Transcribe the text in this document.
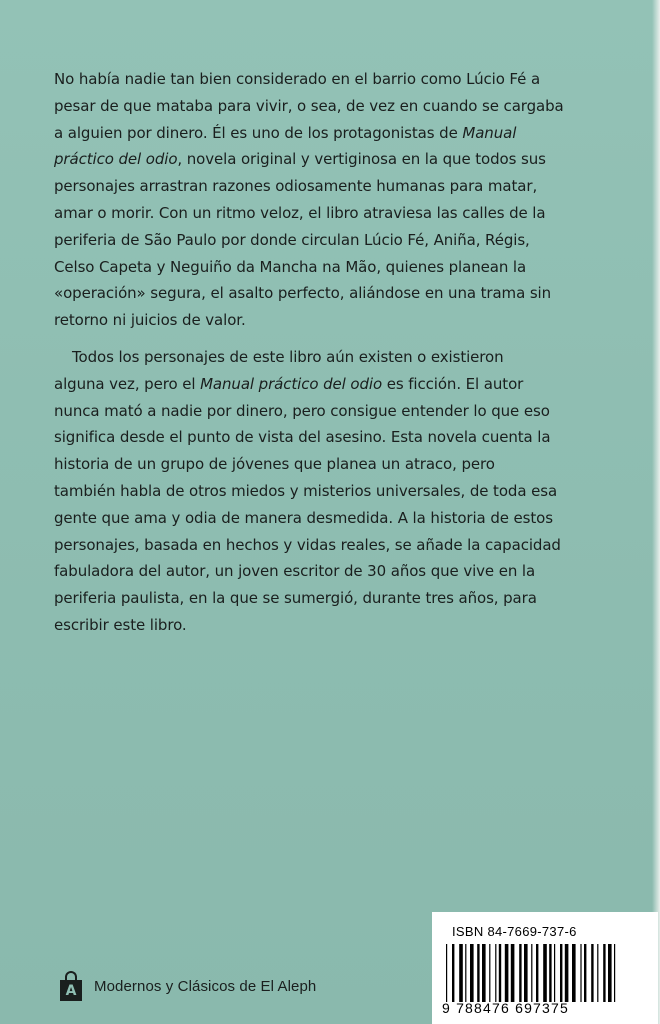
No había nadie tan bien considerado en el barrio como Lúcio Fé a
pesar de que mataba para vivir, o sea, de vez en cuando se cargaba
a alguien por dinero. Él es uno de los protagonistas de Manual
práctico del odio, novela original y vertiginosa en la que todos sus
personajes arrastran razones odiosamente humanas para matar,
amar o morir. Con un ritmo veloz, el libro atraviesa las calles de la
periferia de São Paulo por donde circulan Lúcio Fé, Aniña, Régis,
Celso Capeta y Neguiño da Mancha na Mão, quienes planean la
«operación» segura, el asalto perfecto, aliándose en una trama sin
retorno ni juicios de valor.

Todos los personajes de este libro aún existen o existieron
alguna vez, pero el Manual práctico del odio es ficción. El autor
nunca mató a nadie por dinero, pero consigue entender lo que eso
significa desde el punto de vista del asesino. Esta novela cuenta la
historia de un grupo de jóvenes que planea un atraco, pero
también habla de otros miedos y misterios universales, de toda esa
gente que ama y odia de manera desmedida. A la historia de estos
personajes, basada en hechos y vidas reales, se añade la capacidad
fabuladora del autor, un joven escritor de 30 años que vive en la
periferia paulista, en la que se sumergió, durante tres años, para
escribir este libro.

A	Modernos y Clásicos de El Aleph
ISBN 84-7669-737-6
9 788476 697375
